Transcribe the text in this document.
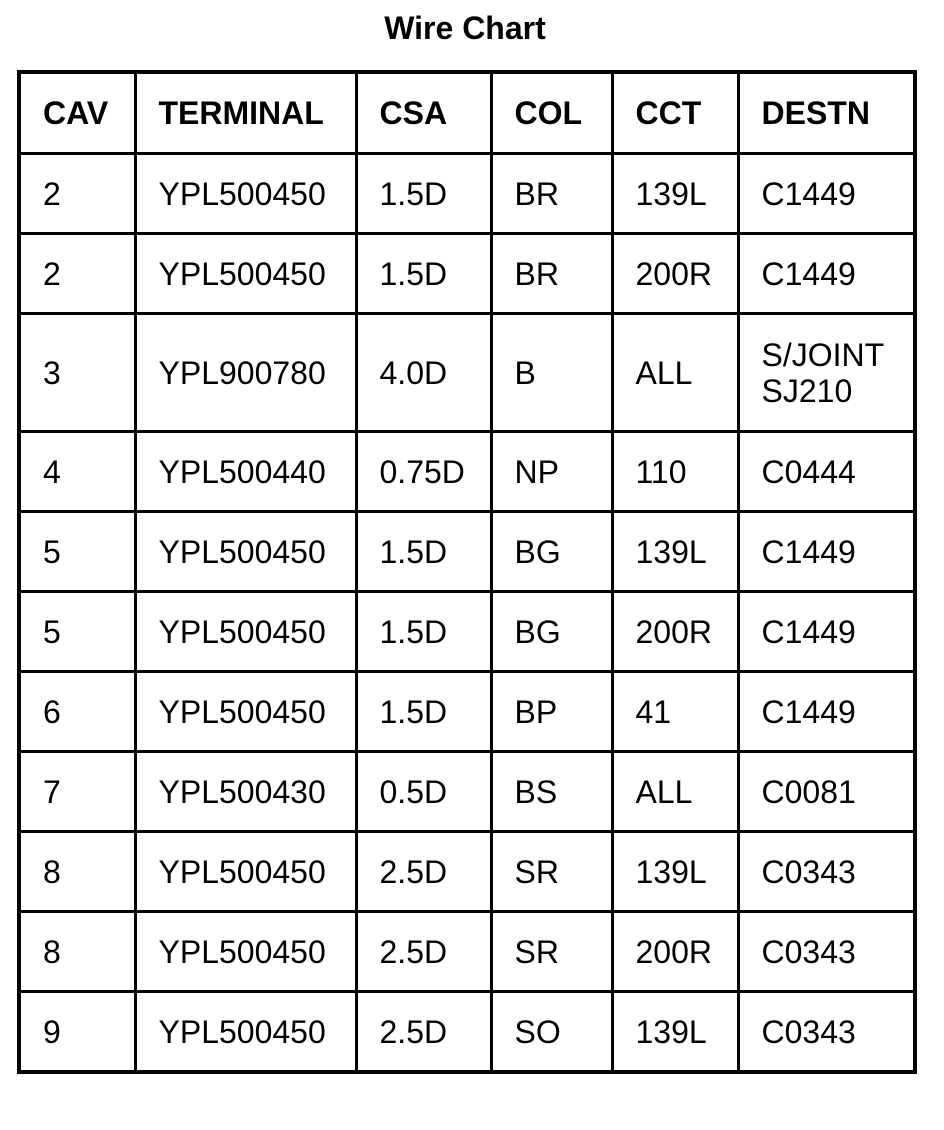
Wire Chart
CAV	TERMINAL	CSA	COL	CCT	DESTN
2	YPL500450	1.5D	BR	139L	C1449
2	YPL500450	1.5D	BR	200R	C1449
3	YPL900780	4.0D	B	ALL	S/JOINT
SJ210
4	YPL500440	0.75D	NP	110	C0444
5	YPL500450	1.5D	BG	139L	C1449
5	YPL500450	1.5D	BG	200R	C1449
6	YPL500450	1.5D	BP	41	C1449
7	YPL500430	0.5D	BS	ALL	C0081
8	YPL500450	2.5D	SR	139L	C0343
8	YPL500450	2.5D	SR	200R	C0343
9	YPL500450	2.5D	SO	139L	C0343
